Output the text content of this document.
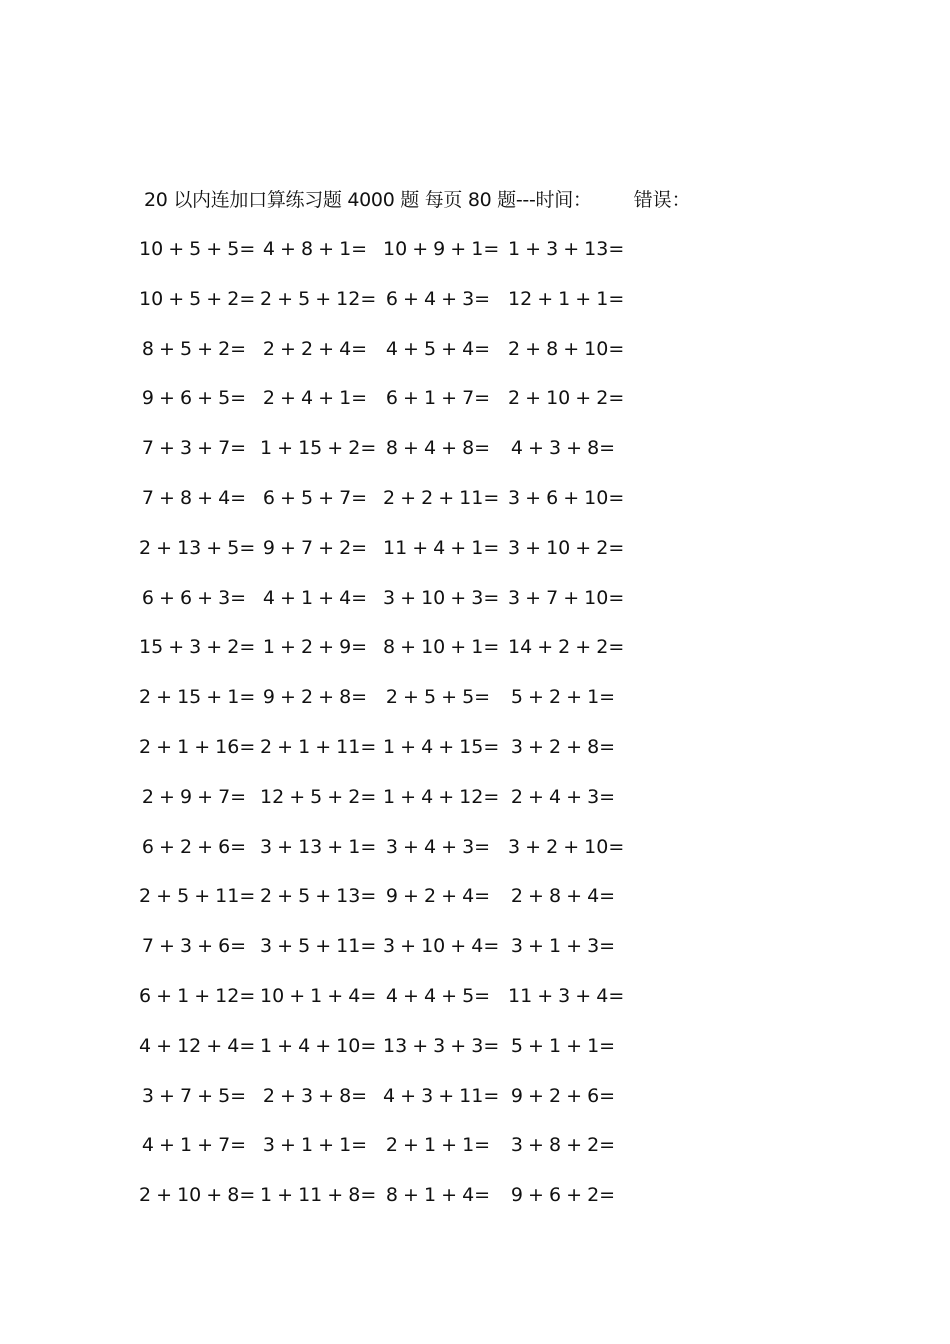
20 以内连加口算练习题 4000 题 每页 80 题---时间： 错误：
10 + 5 + 5= 4 + 8 + 1= 10 + 9 + 1= 1 + 3 + 13=
10 + 5 + 2= 2 + 5 + 12= 6 + 4 + 3= 12 + 1 + 1=
8 + 5 + 2= 2 + 2 + 4= 4 + 5 + 4= 2 + 8 + 10=
9 + 6 + 5= 2 + 4 + 1= 6 + 1 + 7= 2 + 10 + 2=
7 + 3 + 7= 1 + 15 + 2= 8 + 4 + 8= 4 + 3 + 8=
7 + 8 + 4= 6 + 5 + 7= 2 + 2 + 11= 3 + 6 + 10=
2 + 13 + 5= 9 + 7 + 2= 11 + 4 + 1= 3 + 10 + 2=
6 + 6 + 3= 4 + 1 + 4= 3 + 10 + 3= 3 + 7 + 10=
15 + 3 + 2= 1 + 2 + 9= 8 + 10 + 1= 14 + 2 + 2=
2 + 15 + 1= 9 + 2 + 8= 2 + 5 + 5= 5 + 2 + 1=
2 + 1 + 16= 2 + 1 + 11= 1 + 4 + 15= 3 + 2 + 8=
2 + 9 + 7= 12 + 5 + 2= 1 + 4 + 12= 2 + 4 + 3=
6 + 2 + 6= 3 + 13 + 1= 3 + 4 + 3= 3 + 2 + 10=
2 + 5 + 11= 2 + 5 + 13= 9 + 2 + 4= 2 + 8 + 4=
7 + 3 + 6= 3 + 5 + 11= 3 + 10 + 4= 3 + 1 + 3=
6 + 1 + 12= 10 + 1 + 4= 4 + 4 + 5= 11 + 3 + 4=
4 + 12 + 4= 1 + 4 + 10= 13 + 3 + 3= 5 + 1 + 1=
3 + 7 + 5= 2 + 3 + 8= 4 + 3 + 11= 9 + 2 + 6=
4 + 1 + 7= 3 + 1 + 1= 2 + 1 + 1= 3 + 8 + 2=
2 + 10 + 8= 1 + 11 + 8= 8 + 1 + 4= 9 + 6 + 2=
